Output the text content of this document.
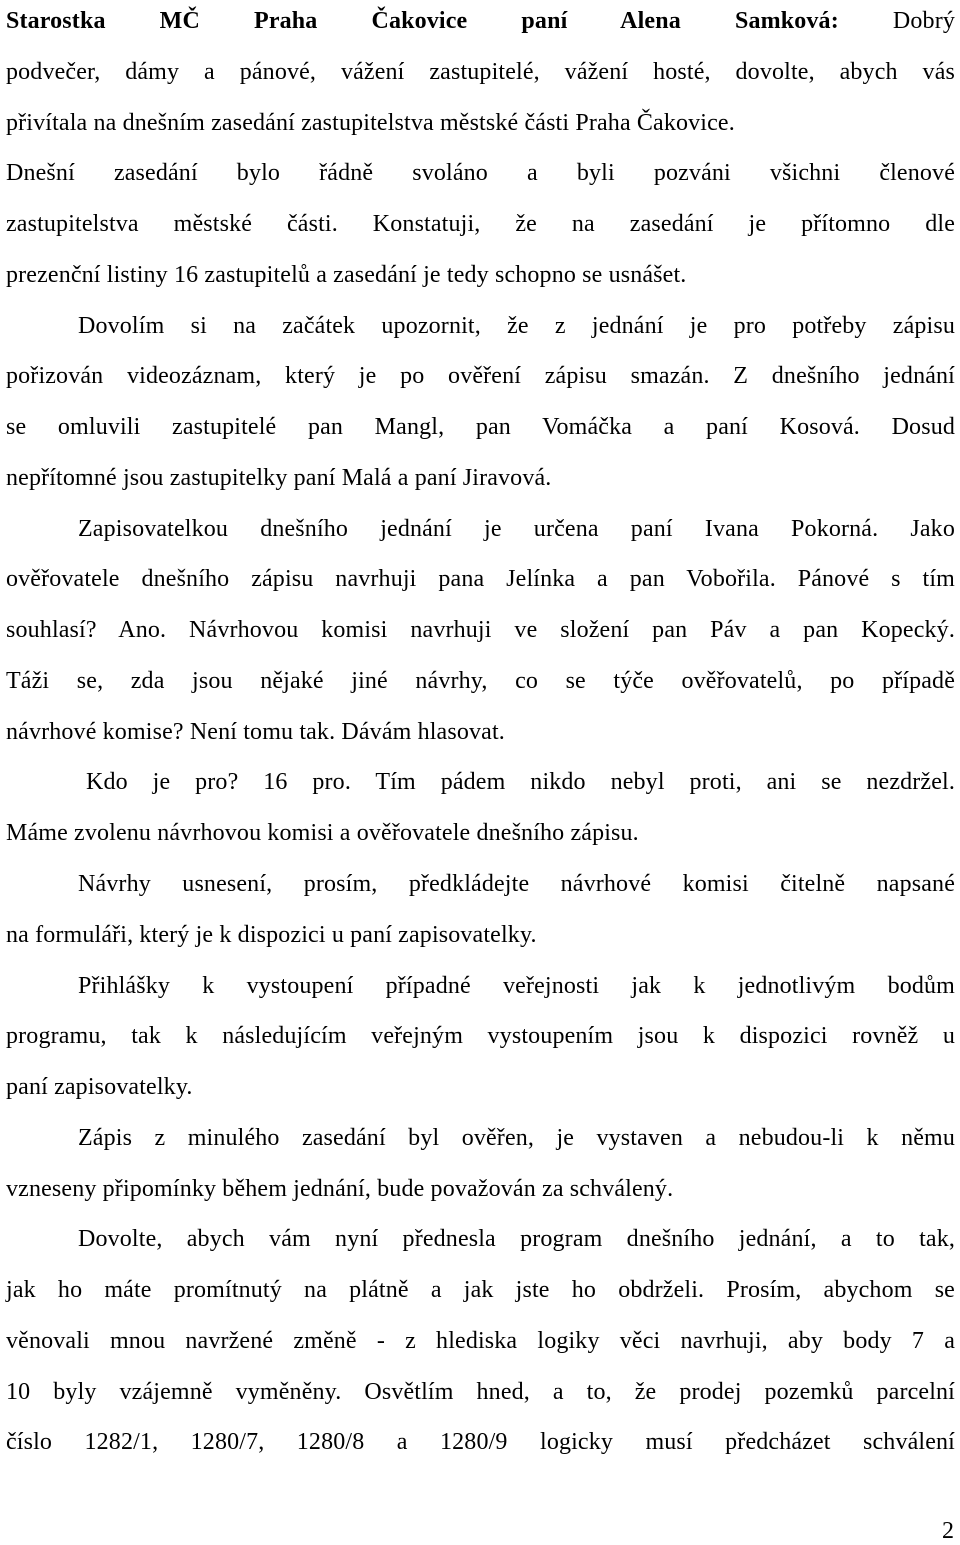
Starostka MČ Praha Čakovice paní Alena Samková: Dobrý
podvečer, dámy a pánové, vážení zastupitelé, vážení hosté, dovolte, abych vás
přivítala na dnešním zasedání zastupitelstva městské části Praha Čakovice.
Dnešní zasedání bylo řádně svoláno a byli pozváni všichni členové
zastupitelstva městské části. Konstatuji, že na zasedání je přítomno dle
prezenční listiny 16 zastupitelů a zasedání je tedy schopno se usnášet.
Dovolím si na začátek upozornit, že z jednání je pro potřeby zápisu
pořizován videozáznam, který je po ověření zápisu smazán. Z dnešního jednání
se omluvili zastupitelé pan Mangl, pan Vomáčka a paní Kosová. Dosud
nepřítomné jsou zastupitelky paní Malá a paní Jiravová.
Zapisovatelkou dnešního jednání je určena paní Ivana Pokorná. Jako
ověřovatele dnešního zápisu navrhuji pana Jelínka a pan Vobořila. Pánové s tím
souhlasí? Ano. Návrhovou komisi navrhuji ve složení pan Páv a pan Kopecký.
Táži se, zda jsou nějaké jiné návrhy, co se týče ověřovatelů, po případě
návrhové komise? Není tomu tak. Dávám hlasovat.
Kdo je pro? 16 pro. Tím pádem nikdo nebyl proti, ani se nezdržel.
Máme zvolenu návrhovou komisi a ověřovatele dnešního zápisu.
Návrhy usnesení, prosím, předkládejte návrhové komisi čitelně napsané
na formuláři, který je k dispozici u paní zapisovatelky.
Přihlášky k vystoupení případné veřejnosti jak k jednotlivým bodům
programu, tak k následujícím veřejným vystoupením jsou k dispozici rovněž u
paní zapisovatelky.
Zápis z minulého zasedání byl ověřen, je vystaven a nebudou-li k němu
vzneseny připomínky během jednání, bude považován za schválený.
Dovolte, abych vám nyní přednesla program dnešního jednání, a to tak,
jak ho máte promítnutý na plátně a jak jste ho obdrželi. Prosím, abychom se
věnovali mnou navržené změně - z hlediska logiky věci navrhuji, aby body 7 a
10 byly vzájemně vyměněny. Osvětlím hned, a to, že prodej pozemků parcelní
číslo 1282/1, 1280/7, 1280/8 a 1280/9 logicky musí předcházet schválení
2
